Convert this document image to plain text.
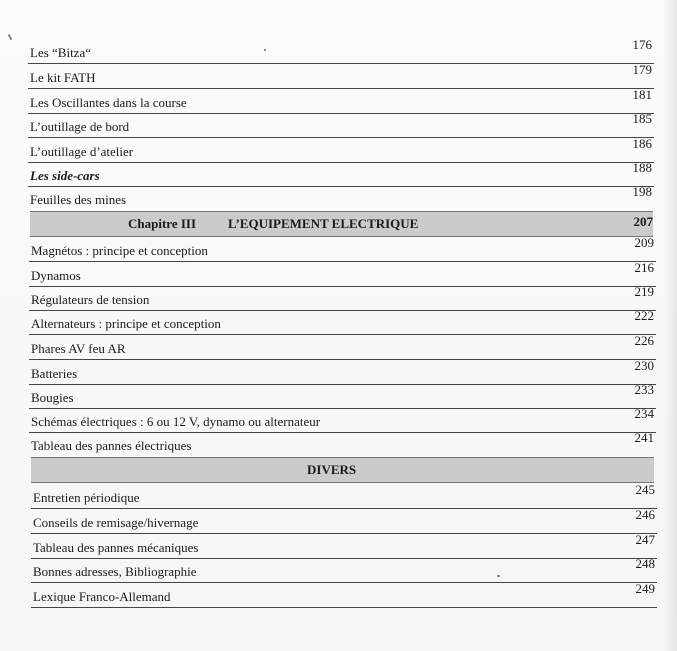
Les “Bitza“
176
Le kit FATH
179
Les Oscillantes dans la course
181
L’outillage de bord
185
L’outillage d’atelier
186
Les side-cars
188
Feuilles des mines
198
Chapitre III L’EQUIPEMENT ELECTRIQUE	207
Magnétos : principe et conception
209
Dynamos
216
Régulateurs de tension
219
Alternateurs : principe et conception
222
Phares AV feu AR
226
Batteries
230
Bougies
233
Schémas électriques : 6 ou 12 V, dynamo ou alternateur
234
Tableau des pannes électriques
241
DIVERS
Entretien périodique
245
Conseils de remisage/hivernage
246
Tableau des pannes mécaniques
247
Bonnes adresses, Bibliographie
248
Lexique Franco-Allemand
249
